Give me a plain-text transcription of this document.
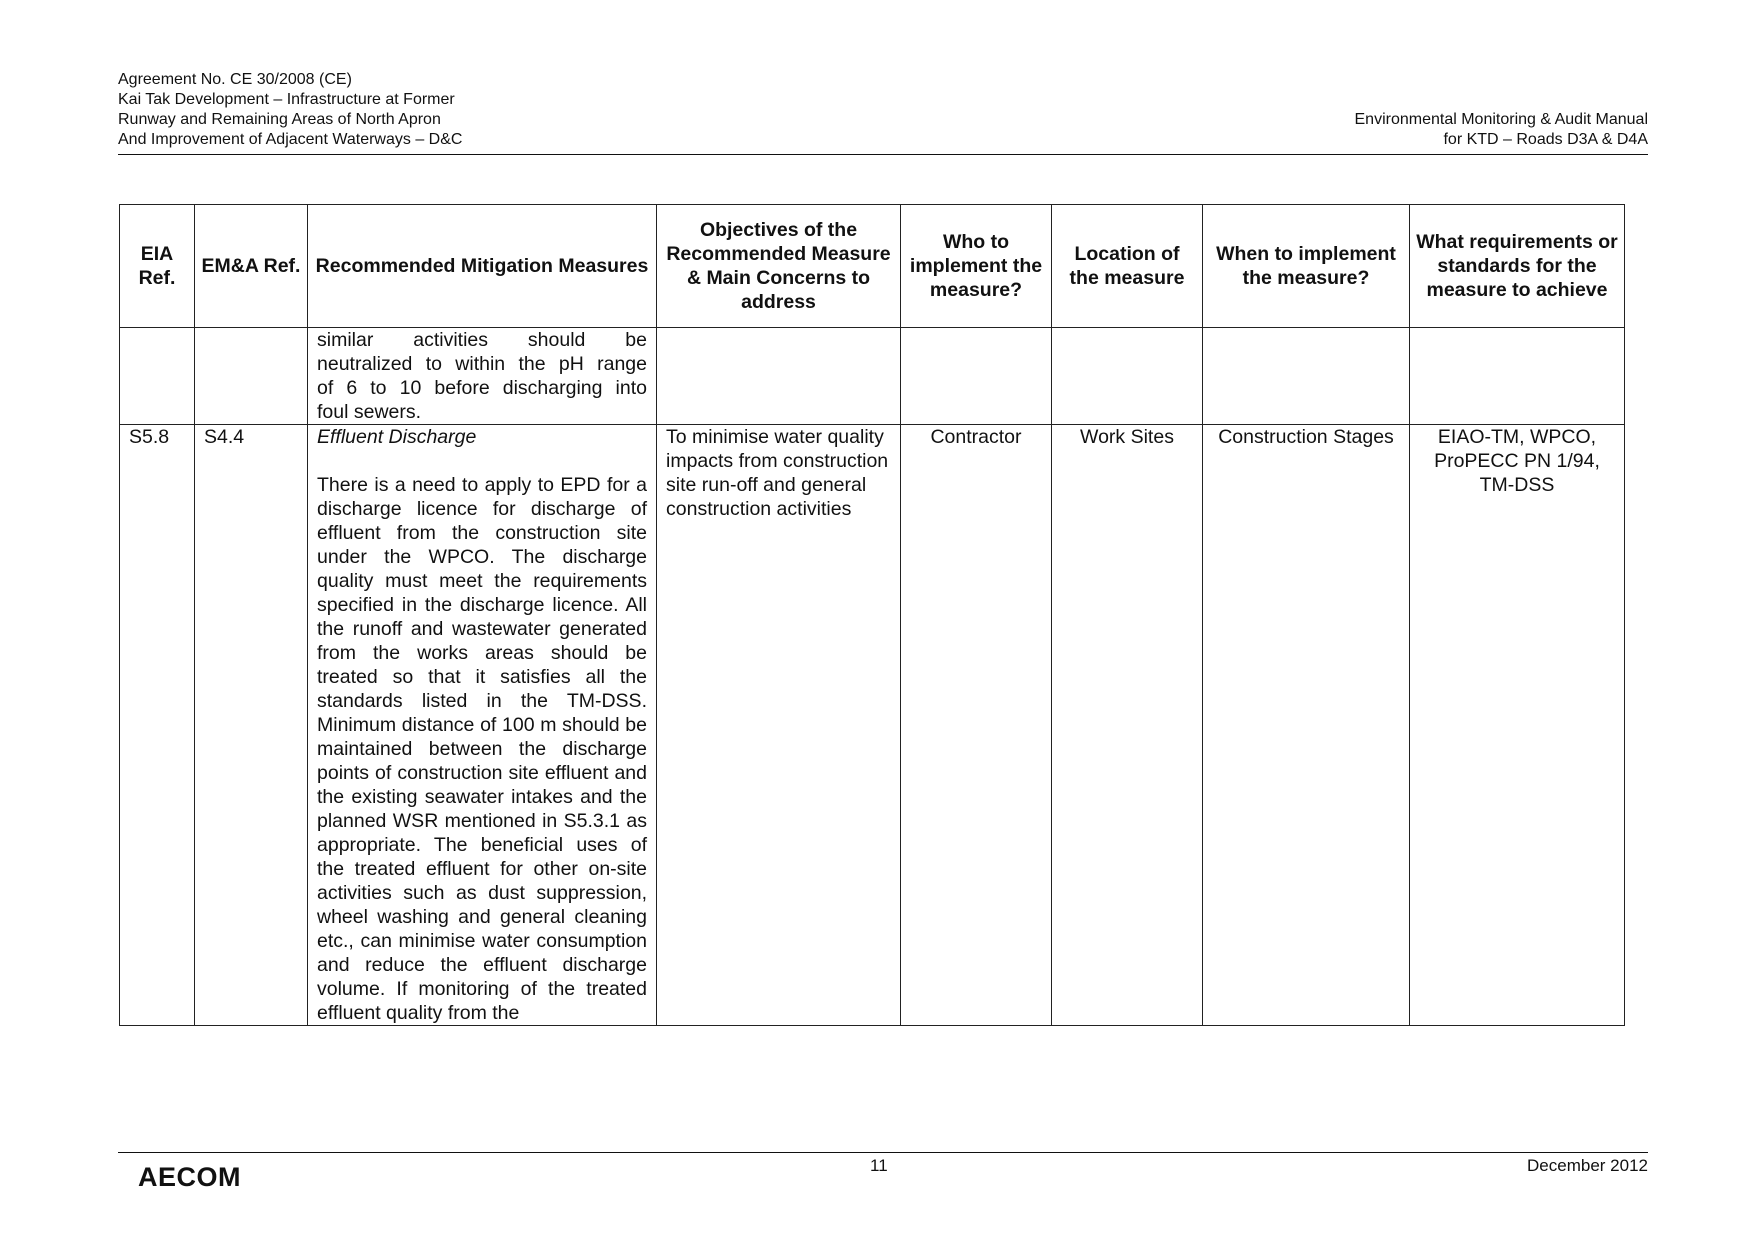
Agreement No. CE 30/2008 (CE)
Kai Tak Development – Infrastructure at Former
Runway and Remaining Areas of North Apron
And Improvement of Adjacent Waterways – D&C
Environmental Monitoring & Audit Manual
for KTD – Roads D3A & D4A
EIA Ref.	EM&A Ref.	Recommended Mitigation Measures	Objectives of the Recommended Measure & Main Concerns to address	Who to implement the measure?	Location of the measure	When to implement the measure?	What requirements or standards for the measure to achieve

		similar activities should be
neutralized to within the pH range
of 6 to 10 before discharging into
foul sewers.					

S5.8	S4.4	Effluent Discharge
There is a need to apply to EPD for a discharge licence for discharge of effluent from the construction site under the WPCO. The discharge quality must meet the requirements specified in the discharge licence. All the runoff and wastewater generated from the works areas should be treated so that it satisfies all the standards listed in the TM-DSS. Minimum distance of 100 m should be maintained between the discharge points of construction site effluent and the existing seawater intakes and the planned WSR mentioned in S5.3.1 as appropriate. The beneficial uses of the treated effluent for other on-site activities such as dust suppression, wheel washing and general cleaning etc., can minimise water consumption and reduce the effluent discharge volume. If monitoring of the treated effluent quality from the	To minimise water quality impacts from construction site run-off and general construction activities	Contractor	Work Sites	Construction Stages	EIAO-TM, WPCO, ProPECC PN 1/94, TM-DSS
AECOM	11	December 2012
